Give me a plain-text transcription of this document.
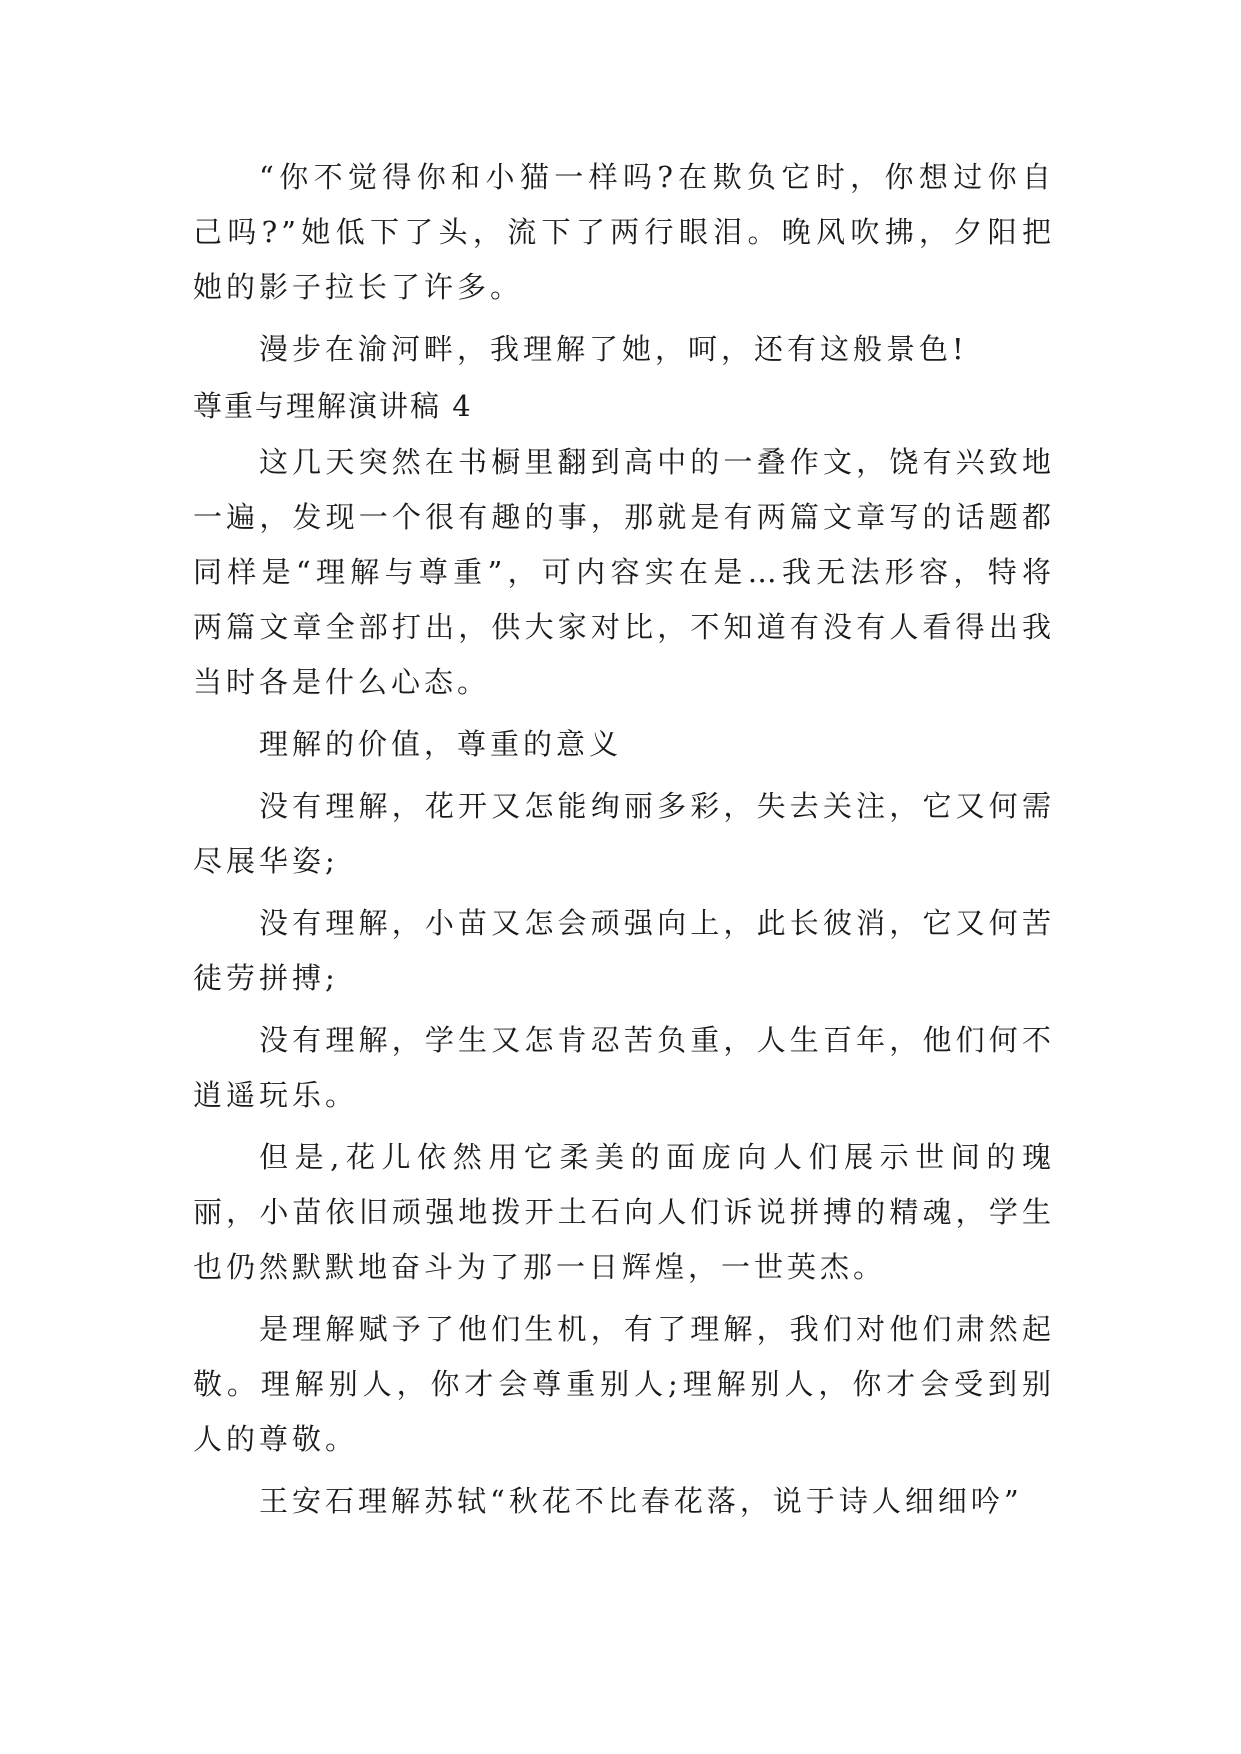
“你不觉得你和小猫一样吗?在欺负它时，你想过你自己吗?”她低下了头，流下了两行眼泪。晚风吹拂，夕阳把她的影子拉长了许多。

漫步在渝河畔，我理解了她，呵，还有这般景色!

尊重与理解演讲稿 4

这几天突然在书橱里翻到高中的一叠作文，饶有兴致地一遍，发现一个很有趣的事，那就是有两篇文章写的话题都同样是“理解与尊重”，可内容实在是…我无法形容，特将两篇文章全部打出，供大家对比，不知道有没有人看得出我当时各是什么心态。

理解的价值，尊重的意义

没有理解，花开又怎能绚丽多彩，失去关注，它又何需尽展华姿;

没有理解，小苗又怎会顽强向上，此长彼消，它又何苦徒劳拼搏;

没有理解，学生又怎肯忍苦负重，人生百年，他们何不逍遥玩乐。

但是,花儿依然用它柔美的面庞向人们展示世间的瑰丽，小苗依旧顽强地拨开土石向人们诉说拼搏的精魂，学生也仍然默默地奋斗为了那一日辉煌，一世英杰。

是理解赋予了他们生机，有了理解，我们对他们肃然起敬。理解别人，你才会尊重别人;理解别人，你才会受到别人的尊敬。

王安石理解苏轼“秋花不比春花落，说于诗人细细吟”
